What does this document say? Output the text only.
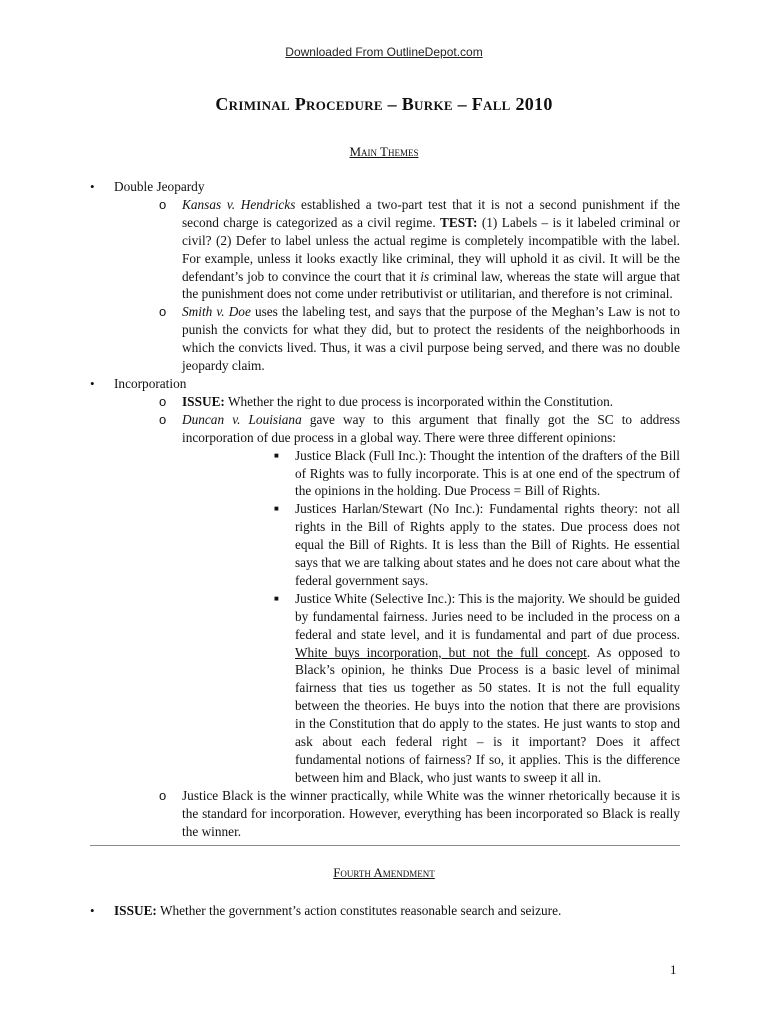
Downloaded From OutlineDepot.com
Criminal Procedure – Burke – Fall 2010
Main Themes
•	Double Jeopardy
o Kansas v. Hendricks established a two-part test that it is not a second punishment if the second charge is categorized as a civil regime. TEST: (1) Labels – is it labeled criminal or civil? (2) Defer to label unless the actual regime is completely incompatible with the label. For example, unless it looks exactly like criminal, they will uphold it as civil. It will be the defendant’s job to convince the court that it is criminal law, whereas the state will argue that the punishment does not come under retributivist or utilitarian, and therefore is not criminal.
o Smith v. Doe uses the labeling test, and says that the purpose of the Meghan’s Law is not to punish the convicts for what they did, but to protect the residents of the neighborhoods in which the convicts lived. Thus, it was a civil purpose being served, and there was no double jeopardy claim.
•	Incorporation
o ISSUE: Whether the right to due process is incorporated within the Constitution.
o Duncan v. Louisiana gave way to this argument that finally got the SC to address incorporation of due process in a global way. There were three different opinions:
■ Justice Black (Full Inc.): Thought the intention of the drafters of the Bill of Rights was to fully incorporate. This is at one end of the spectrum of the opinions in the holding. Due Process = Bill of Rights.
■ Justices Harlan/Stewart (No Inc.): Fundamental rights theory: not all rights in the Bill of Rights apply to the states. Due process does not equal the Bill of Rights. It is less than the Bill of Rights. He essential says that we are talking about states and he does not care about what the federal government says.
■ Justice White (Selective Inc.): This is the majority. We should be guided by fundamental fairness. Juries need to be included in the process on a federal and state level, and it is fundamental and part of due process. White buys incorporation, but not the full concept. As opposed to Black’s opinion, he thinks Due Process is a basic level of minimal fairness that ties us together as 50 states. It is not the full equality between the theories. He buys into the notion that there are provisions in the Constitution that do apply to the states. He just wants to stop and ask about each federal right – is it important? Does it affect fundamental notions of fairness? If so, it applies. This is the difference between him and Black, who just wants to sweep it all in.
o Justice Black is the winner practically, while White was the winner rhetorically because it is the standard for incorporation. However, everything has been incorporated so Black is really the winner.
Fourth Amendment
•	ISSUE: Whether the government’s action constitutes reasonable search and seizure.
1
